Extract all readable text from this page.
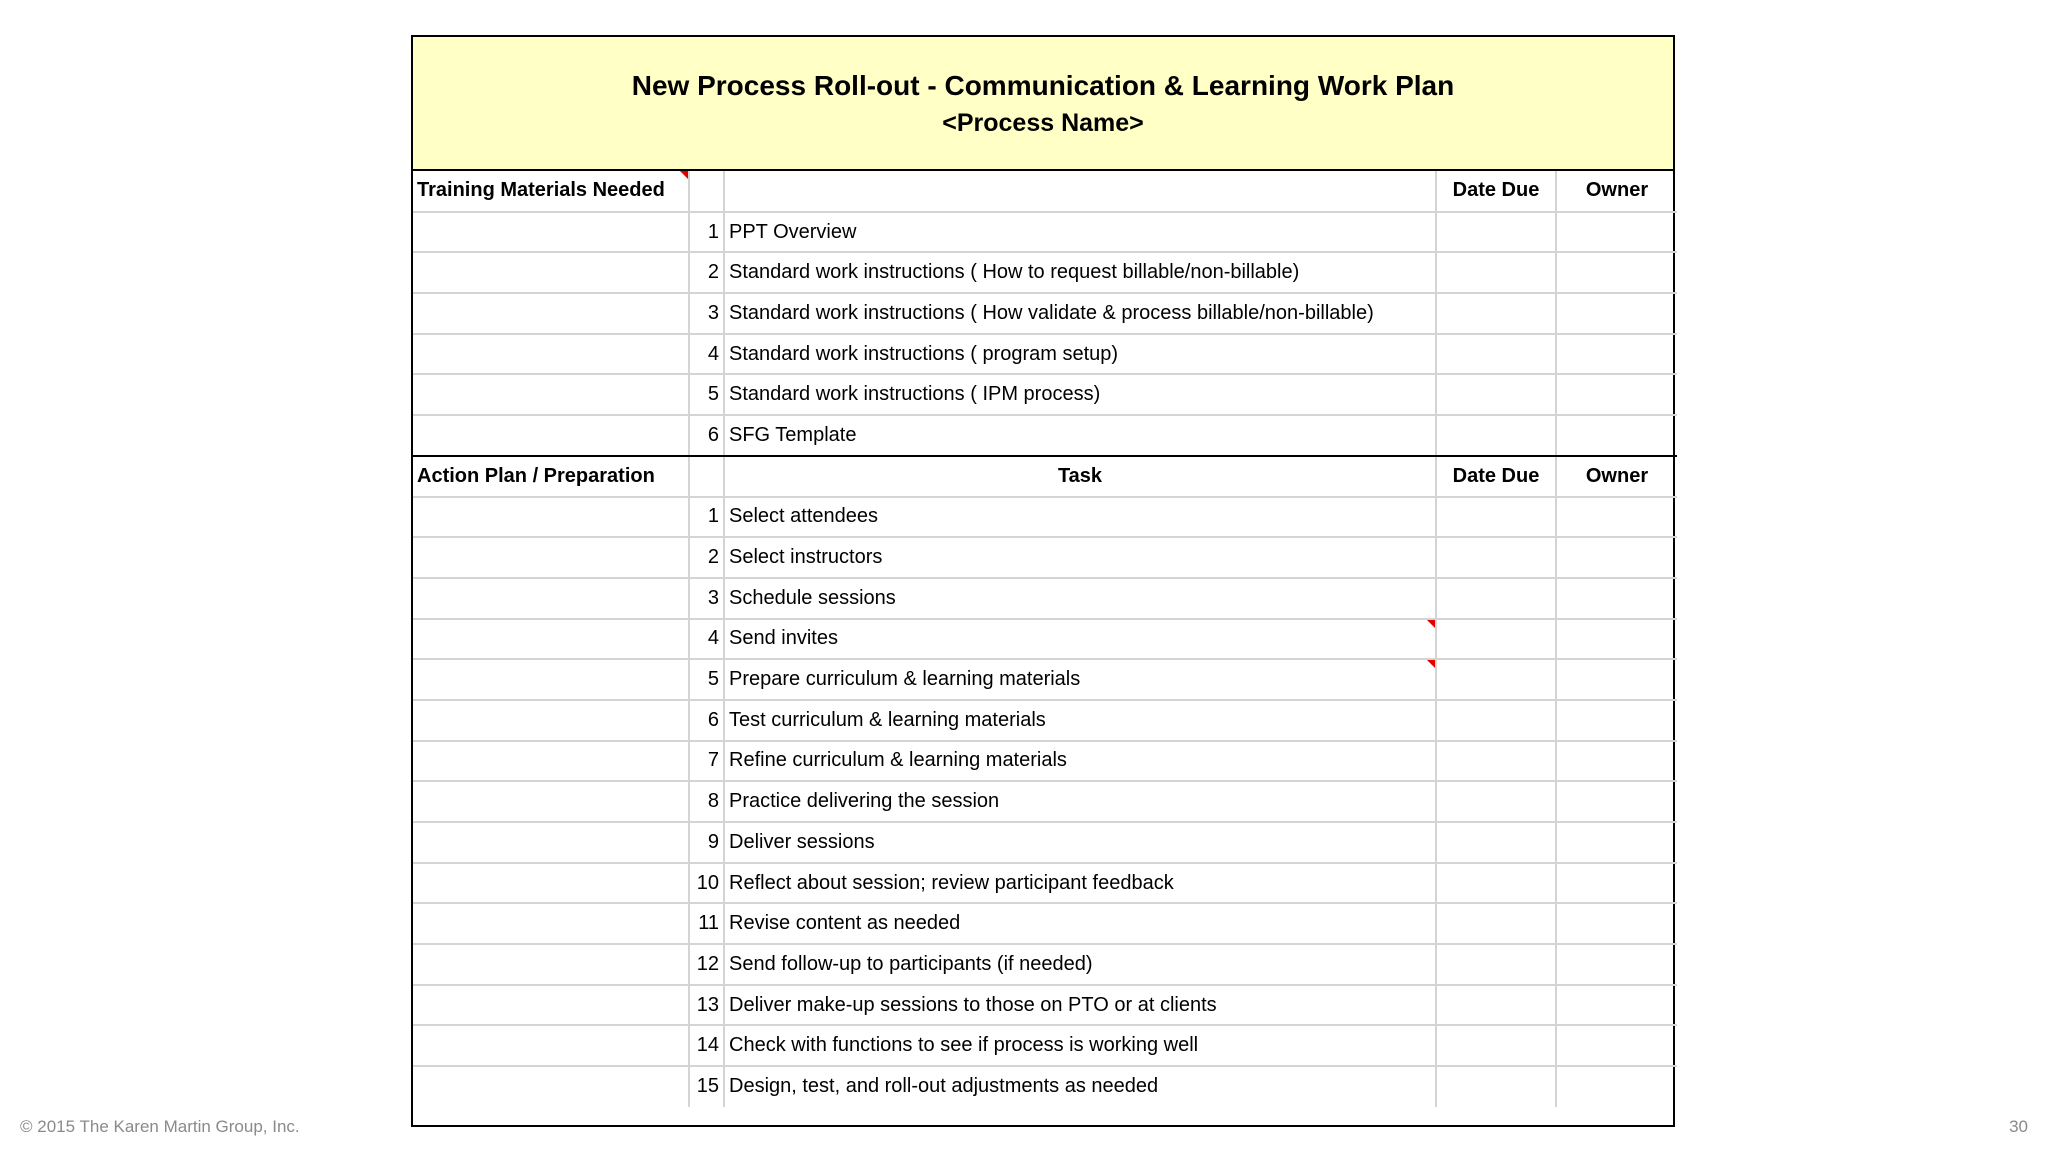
New Process Roll-out - Communication & Learning Work Plan
<Process Name>
Training Materials Needed			Date Due	Owner
	1	PPT Overview		
	2	Standard work instructions ( How to request billable/non-billable)		
	3	Standard work instructions ( How validate & process billable/non-billable)		
	4	Standard work instructions ( program setup)		
	5	Standard work instructions ( IPM process)		
	6	SFG Template		
Action Plan / Preparation		Task	Date Due	Owner
	1	Select attendees		
	2	Select instructors		
	3	Schedule sessions		
	4	Send invites

	5	Prepare curriculum & learning materials

	6	Test curriculum & learning materials		
	7	Refine curriculum & learning materials		
	8	Practice delivering the session		
	9	Deliver sessions		
	10	Reflect about session; review participant feedback		
	11	Revise content as needed		
	12	Send follow-up to participants (if needed)		
	13	Deliver make-up sessions to those on PTO or at clients		
	14	Check with functions to see if process is working well		
	15	Design, test, and roll-out adjustments as needed		
© 2015 The Karen Martin Group, Inc.	30
